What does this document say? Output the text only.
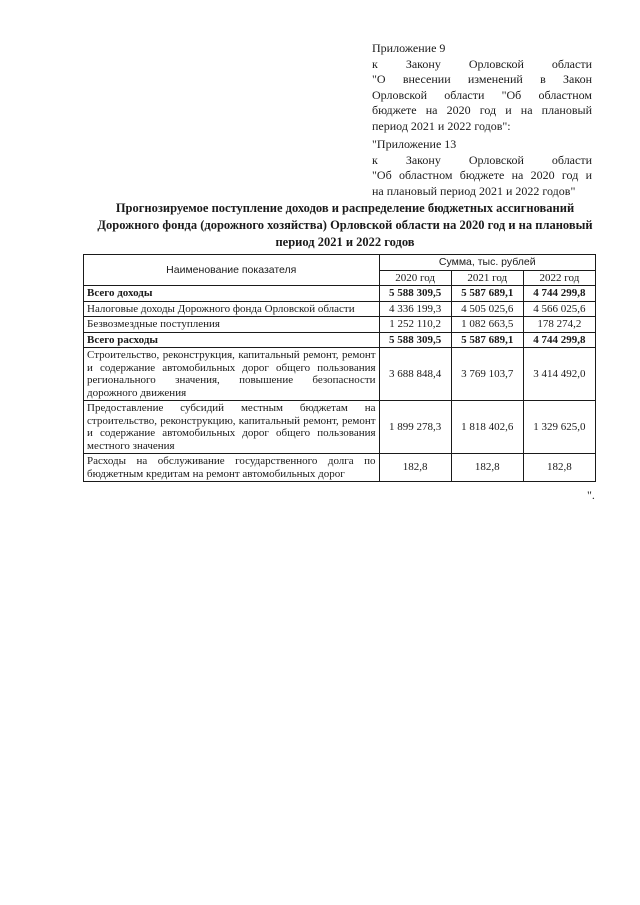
Приложение 9

к Закону Орловской области

"О внесении изменений в Закон

Орловской области "Об областном

бюджете на 2020 год и на плановый

период 2021 и 2022 годов":

"Приложение 13

к Закону Орловской области

"Об областном бюджете на 2020 год и

на плановый период 2021 и 2022 годов"

Прогнозируемое поступление доходов и распределение бюджетных ассигнований
Дорожного фонда (дорожного хозяйства) Орловской области на 2020 год и на плановый
период 2021 и 2022 годов
Наименование показателя	Сумма, тыс. рублей		
	2020 год	2021 год	2022 год
Всего доходы	5 588 309,5	5 587 689,1	4 744 299,8
Налоговые доходы Дорожного фонда Орловской области	4 336 199,3	4 505 025,6	4 566 025,6
Безвозмездные поступления	1 252 110,2	1 082 663,5	178 274,2
Всего расходы	5 588 309,5	5 587 689,1	4 744 299,8
Строительство, реконструкция, капитальный ремонт, ремонт и содержание автомобильных дорог общего пользования регионального значения, повышение безопасности дорожного движения	3 688 848,4	3 769 103,7	3 414 492,0
Предоставление субсидий местным бюджетам на строительство, реконструкцию, капитальный ремонт, ремонт и содержание автомобильных дорог общего пользования местного значения	1 899 278,3	1 818 402,6	1 329 625,0
Расходы на обслуживание государственного долга по бюджетным кредитам на ремонт автомобильных дорог	182,8	182,8	182,8
".
